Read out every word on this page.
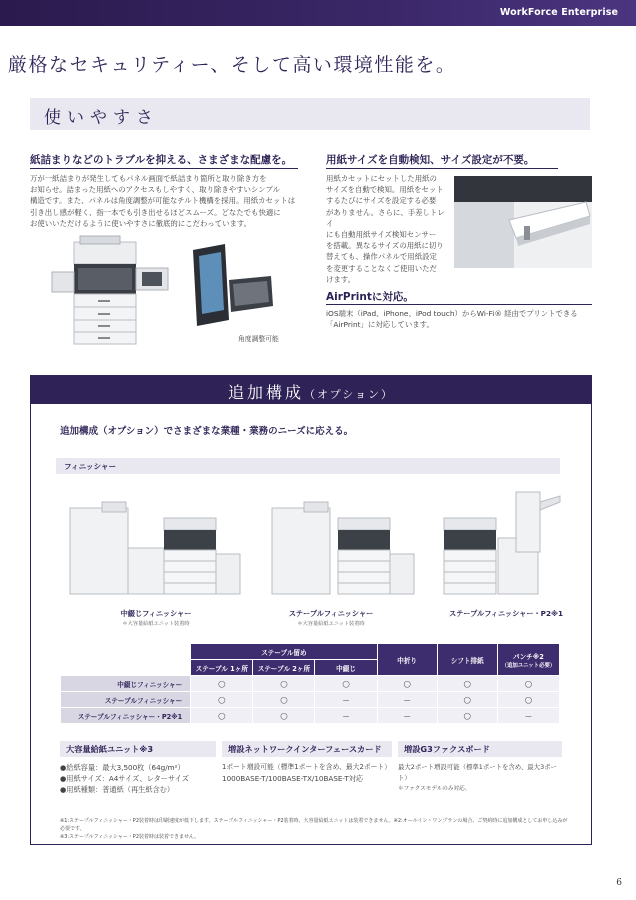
WorkForce Enterprise
厳格なセキュリティー、そして高い環境性能を。
使いやすさ
紙詰まりなどのトラブルを抑える、さまざまな配慮を。
万が一紙詰まりが発生してもパネル画面で紙詰まり箇所と取り除き方を
お知らせ。詰まった用紙へのアクセスもしやすく、取り除きやすいシンプル
構造です。また、パネルは角度調整が可能なチルト機構を採用。用紙カセットは
引き出し感が軽く、指一本でも引き出せるほどスムーズ。どなたでも快適に
お使いいただけるように使いやすさに徹底的にこだわっています。
角度調整可能
用紙サイズを自動検知、サイズ設定が不要。
用紙カセットにセットした用紙の
サイズを自動で検知。用紙をセット
するたびにサイズを設定する必要
がありません。さらに、手差しトレイ
にも自動用紙サイズ検知センサー
を搭載。異なるサイズの用紙に切り
替えても、操作パネルで用紙設定
を変更することなくご使用いただ
けます。
AirPrintに対応。
iOS端末（iPad、iPhone、iPod touch）からWi-Fi® 経由でプリントできる
「AirPrint」に対応しています。
追加構成（オプション）
追加構成（オプション）でさまざまな業種・業務のニーズに応える。
フィニッシャー
中綴じフィニッシャー
＊大容量給紙ユニット装着時
ステープルフィニッシャー
＊大容量給紙ユニット装着時
ステープルフィニッシャー・P2※1
	ステープル留め			中折り	シフト排紙	パンチ※2
（追加ユニット必要）

	ステープル 1ヶ所	ステープル 2ヶ所	中綴じ			
中綴じフィニッシャー	◯	◯	◯	◯	◯	◯
ステープルフィニッシャー	◯	◯	—	—	◯	◯
ステープルフィニッシャー・P2※1	◯	◯	—	—	◯	—
大容量給紙ユニット※3
●給紙容量：最大3,500枚（64g/m²）
●用紙サイズ：A4サイズ、レターサイズ
●用紙種類：普通紙（再生紙含む）
増設ネットワークインターフェースカード
1ポート増設可能（標準1ポートを含め、最大2ポート）
1000BASE-T/100BASE-TX/10BASE-T対応
増設G3ファクスボード
最大2ポート増設可能（標準1ポートを含め、最大3ポート）
＊ファクスモデルのみ対応。
※1:ステープルフィニッシャー・P2装着時は印刷速度が低下します。ステープルフィニッシャー・P2装着時、大容量給紙ユニットは装着できません。※2:オールイン・ワンプランの場合、ご契約時に追加構成としてお申し込みが必要です。
※3:ステープルフィニッシャー・P2装着時は装着できません。
6
